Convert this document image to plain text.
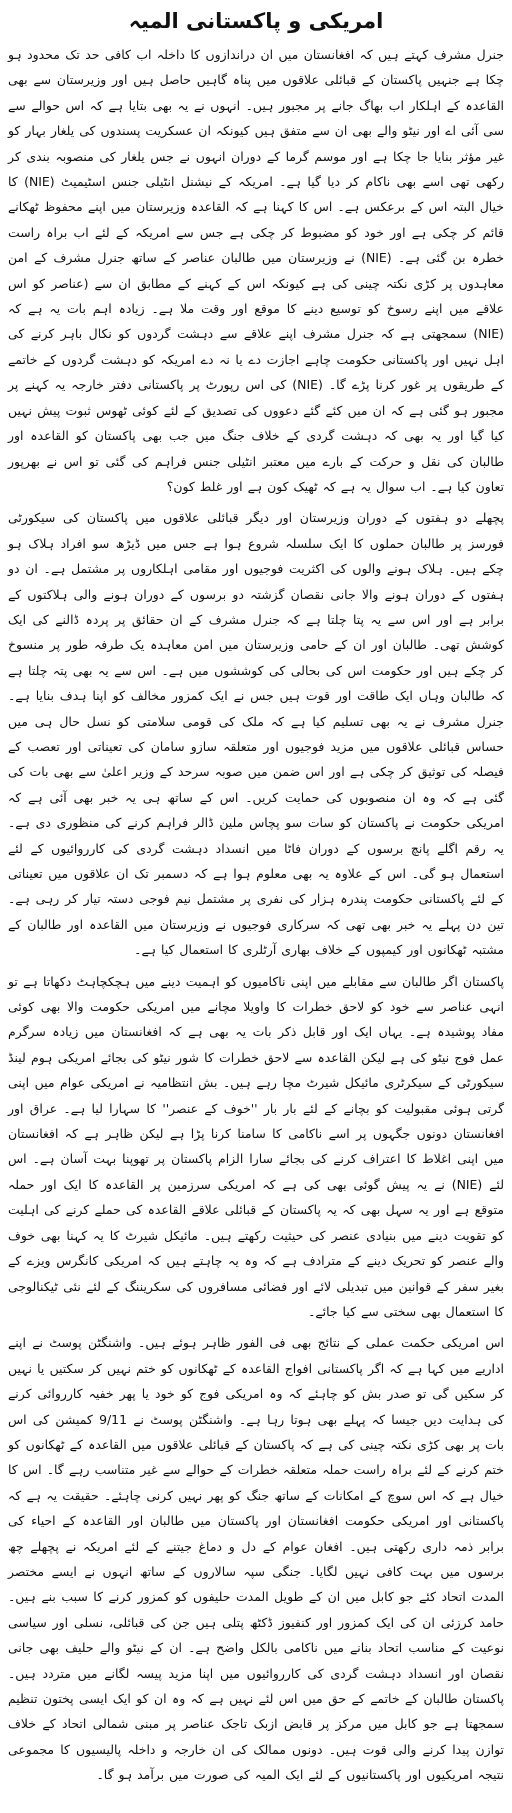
امریکی و پاکستانی المیہ

جنرل مشرف کہتے ہیں کہ افغانستان میں ان دراندازوں کا داخلہ اب کافی حد تک محدود ہو چکا ہے جنہیں پاکستان کے قبائلی علاقوں میں پناہ گاہیں حاصل ہیں اور وزیرستان سے بھی القاعدہ کے اہلکار اب بھاگ جانے پر مجبور ہیں۔ انہوں نے یہ بھی بتایا ہے کہ اس حوالے سے سی آئی اے اور نیٹو والے بھی ان سے متفق ہیں کیونکہ ان عسکریت پسندوں کی یلغار بہار کو غیر مؤثر بنایا جا چکا ہے اور موسم گرما کے دوران انہوں نے جس یلغار کی منصوبہ بندی کر رکھی تھی اسے بھی ناکام کر دیا گیا ہے۔ امریکہ کے نیشنل انٹیلی جنس اسٹیمیٹ (NIE) کا خیال البتہ اس کے برعکس ہے۔ اس کا کہنا ہے کہ القاعدہ وزیرستان میں اپنے محفوظ ٹھکانے قائم کر چکی ہے اور خود کو مضبوط کر چکی ہے جس سے امریکہ کے لئے اب براہ راست خطرہ بن گئی ہے۔ (NIE) نے وزیرستان میں طالبان عناصر کے ساتھ جنرل مشرف کے امن معاہدوں پر کڑی نکتہ چینی کی ہے کیونکہ اس کے کہنے کے مطابق ان سے (عناصر کو اس علاقے میں اپنے رسوخ کو توسیع دینے کا موقع اور وقت ملا ہے۔ زیادہ اہم بات یہ ہے کہ (NIE) سمجھتی ہے کہ جنرل مشرف اپنے علاقے سے دہشت گردوں کو نکال باہر کرنے کی اہل نہیں اور پاکستانی حکومت چاہے اجازت دے یا نہ دے امریکہ کو دہشت گردوں کے خاتمے کے طریقوں پر غور کرنا پڑے گا۔ (NIE) کی اس رپورٹ پر پاکستانی دفتر خارجہ یہ کہنے پر مجبور ہو گئی ہے کہ ان میں کئے گئے دعووں کی تصدیق کے لئے کوئی ٹھوس ثبوت پیش نہیں کیا گیا اور یہ بھی کہ دہشت گردی کے خلاف جنگ میں جب بھی پاکستان کو القاعدہ اور طالبان کی نقل و حرکت کے بارے میں معتبر انٹیلی جنس فراہم کی گئی تو اس نے بھرپور تعاون کیا ہے۔ اب سوال یہ ہے کہ ٹھیک کون ہے اور غلط کون؟

پچھلے دو ہفتوں کے دوران وزیرستان اور دیگر قبائلی علاقوں میں پاکستان کی سیکورٹی فورسز پر طالبان حملوں کا ایک سلسلہ شروع ہوا ہے جس میں ڈیڑھ سو افراد ہلاک ہو چکے ہیں۔ ہلاک ہونے والوں کی اکثریت فوجیوں اور مقامی اہلکاروں پر مشتمل ہے۔ ان دو ہفتوں کے دوران ہونے والا جانی نقصان گزشتہ دو برسوں کے دوران ہونے والی ہلاکتوں کے برابر ہے اور اس سے یہ پتا چلتا ہے کہ جنرل مشرف کے ان حقائق پر پردہ ڈالنے کی ایک کوشش تھی۔ طالبان اور ان کے حامی وزیرستان میں امن معاہدہ یک طرفہ طور پر منسوخ کر چکے ہیں اور حکومت اس کی بحالی کی کوششوں میں ہے۔ اس سے یہ بھی پتہ چلتا ہے کہ طالبان وہاں ایک طاقت اور قوت ہیں جس نے ایک کمزور مخالف کو اپنا ہدف بنایا ہے۔ جنرل مشرف نے یہ بھی تسلیم کیا ہے کہ ملک کی قومی سلامتی کو نسل حال ہی میں حساس قبائلی علاقوں میں مزید فوجیوں اور متعلقہ سازو سامان کی تعیناتی اور تعصب کے فیصلہ کی توثیق کر چکی ہے اور اس ضمن میں صوبہ سرحد کے وزیر اعلیٰ سے بھی بات کی گئی ہے کہ وہ ان منصوبوں کی حمایت کریں۔ اس کے ساتھ ہی یہ خبر بھی آئی ہے کہ امریکی حکومت نے پاکستان کو سات سو پچاس ملین ڈالر فراہم کرنے کی منظوری دی ہے۔ یہ رقم اگلے پانچ برسوں کے دوران فاٹا میں انسداد دہشت گردی کی کارروائیوں کے لئے استعمال ہو گی۔ اس کے علاوہ یہ بھی معلوم ہوا ہے کہ دسمبر تک ان علاقوں میں تعیناتی کے لئے پاکستانی حکومت پندرہ ہزار کی نفری پر مشتمل نیم فوجی دستہ تیار کر رہی ہے۔ تین دن پہلے یہ خبر بھی تھی کہ سرکاری فوجیوں نے وزیرستان میں القاعدہ اور طالبان کے مشتبہ ٹھکانوں اور کیمپوں کے خلاف بھاری آرٹلری کا استعمال کیا ہے۔

پاکستان اگر طالبان سے مقابلے میں اپنی ناکامیوں کو اہمیت دینے میں ہچکچاہٹ دکھاتا ہے تو انہی عناصر سے خود کو لاحق خطرات کا واویلا مچانے میں امریکی حکومت والا بھی کوئی مفاد پوشیدہ ہے۔ یہاں ایک اور قابل ذکر بات یہ بھی ہے کہ افغانستان میں زیادہ سرگرم عمل فوج نیٹو کی ہے لیکن القاعدہ سے لاحق خطرات کا شور نیٹو کی بجائے امریکی ہوم لینڈ سیکورٹی کے سیکرٹری مائیکل شیرٹ مچا رہے ہیں۔ بش انتظامیہ نے امریکی عوام میں اپنی گرتی ہوئی مقبولیت کو بچانے کے لئے بار بار ''خوف کے عنصر'' کا سہارا لیا ہے۔ عراق اور افغانستان دونوں جگہوں پر اسے ناکامی کا سامنا کرنا پڑا ہے لیکن ظاہر ہے کہ افغانستان میں اپنی اغلاط کا اعتراف کرنے کی بجائے سارا الزام پاکستان پر تھوپنا بہت آسان ہے۔ اس لئے (NIE) نے یہ پیش گوئی بھی کی ہے کہ امریکی سرزمین پر القاعدہ کا ایک اور حملہ متوقع ہے اور یہ سہل بھی کہ یہ پاکستان کے قبائلی علاقے القاعدہ کی حملے کرنے کی اہلیت کو تقویت دینے میں بنیادی عنصر کی حیثیت رکھتے ہیں۔ مائیکل شیرٹ کا یہ کہنا بھی خوف والے عنصر کو تحریک دینے کے مترادف ہے کہ وہ یہ چاہتے ہیں کہ امریکی کانگرس ویزے کے بغیر سفر کے قوانین میں تبدیلی لائے اور فضائی مسافروں کی سکریننگ کے لئے نئی ٹیکنالوجی کا استعمال بھی سختی سے کیا جائے۔

اس امریکی حکمت عملی کے نتائج بھی فی الفور ظاہر ہوئے ہیں۔ واشنگٹن پوسٹ نے اپنے اداریے میں کہا ہے کہ اگر پاکستانی افواج القاعدہ کے ٹھکانوں کو ختم نہیں کر سکتیں یا نہیں کر سکیں گی تو صدر بش کو چاہئے کہ وہ امریکی فوج کو خود یا پھر خفیہ کارروائی کرنے کی ہدایت دیں جیسا کہ پہلے بھی ہوتا رہا ہے۔ واشنگٹن پوسٹ نے 9/11 کمیشن کی اس بات پر بھی کڑی نکتہ چینی کی ہے کہ پاکستان کے قبائلی علاقوں میں القاعدہ کے ٹھکانوں کو ختم کرنے کے لئے براہ راست حملہ متعلقہ خطرات کے حوالے سے غیر متناسب رہے گا۔ اس کا خیال ہے کہ اس سوچ کے امکانات کے ساتھ جنگ کو پھر نہیں کرنی چاہئے۔ حقیقت یہ ہے کہ پاکستانی اور امریکی حکومت افغانستان اور پاکستان میں طالبان اور القاعدہ کے احیاء کی برابر ذمہ داری رکھتی ہیں۔ افغان عوام کے دل و دماغ جیتنے کے لئے امریکہ نے پچھلے چھ برسوں میں بہت کافی نہیں لگایا۔ جنگی سپہ سالاروں کے ساتھ انہوں نے ایسے مختصر المدت اتحاد کئے جو کابل میں ان کے طویل المدت حلیفوں کو کمزور کرنے کا سبب بنے ہیں۔ حامد کرزئی ان کی ایک کمزور اور کنفیوز ڈکٹھ پتلی ہیں جن کی قبائلی، نسلی اور سیاسی نوعیت کے مناسب اتحاد بنانے میں ناکامی بالکل واضح ہے۔ ان کے نیٹو والے حلیف بھی جانی نقصان اور انسداد دہشت گردی کی کارروائیوں میں اپنا مزید پیسہ لگانے میں متردد ہیں۔ پاکستان طالبان کے خاتمے کے حق میں اس لئے نہیں ہے کہ وہ ان کو ایک ایسی پختون تنظیم سمجھتا ہے جو کابل میں مرکز پر قابض ازبک تاجک عناصر پر مبنی شمالی اتحاد کے خلاف توازن پیدا کرنے والی قوت ہیں۔ دونوں ممالک کی ان خارجہ و داخلہ پالیسیوں کا مجموعی نتیجہ امریکیوں اور پاکستانیوں کے لئے ایک المیہ کی صورت میں برآمد ہو گا۔
